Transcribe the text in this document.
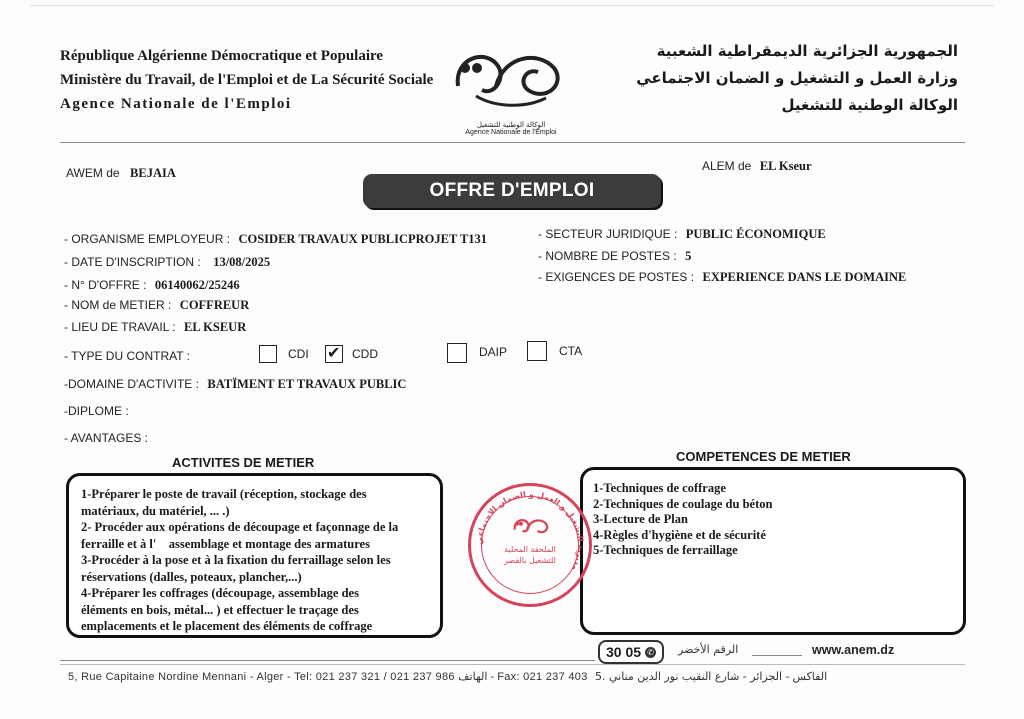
République Algérienne Démocratique et Populaire
Ministère du Travail, de l'Emploi et de La Sécurité Sociale
Agence Nationale de l'Emploi
الوكالة الوطنية للتشغيل
Agence Nationale de l'Emploi
الجمهورية الجزائرية الديمقراطية الشعبية
وزارة العمل و التشغيل و الضمان الاجتماعي
الوكالة الوطنية للتشغيل
AWEM de BEJAIA	ALEM de EL Kseur
OFFRE D'EMPLOI
- ORGANISME EMPLOYEUR : COSIDER TRAVAUX PUBLICPROJET T131
- DATE D'INSCRIPTION : 13/08/2025
- N° D'OFFRE : 06140062/25246
- NOM de METIER : COFFREUR
- LIEU DE TRAVAIL : EL KSEUR
- SECTEUR JURIDIQUE : PUBLIC ÉCONOMIQUE
- NOMBRE DE POSTES : 5
- EXIGENCES DE POSTES : EXPERIENCE DANS LE DOMAINE
- TYPE DU CONTRAT :	CDI ✔ CDD	DAIP	CTA
-DOMAINE D'ACTIVITE : BATÏMENT ET TRAVAUX PUBLIC
-DIPLOME :
- AVANTAGES :
ACTIVITES DE METIER	COMPETENCES DE METIER
1-Préparer le poste de travail (réception, stockage des
matériaux, du matériel, ... .)
2- Procéder aux opérations de découpage et façonnage de la
ferraille et à l'    assemblage et montage des armatures
3-Procéder à la pose et à la fixation du ferraillage selon les
réservations (dalles, poteaux, plancher,...)
4-Préparer les coffrages (découpage, assemblage des
éléments en bois, métal... ) et effectuer le traçage des
emplacements et le placement des éléments de coffrage
1-Techniques de coffrage
2-Techniques de coulage du béton
3-Lecture de Plan
4-Règles d'hygiène et de sécurité
5-Techniques de ferraillage
مديرية التشغيل و العمل و الضمان الاجتماعي
الملحقة المحلية للتشغيل بالقصر
30 05 ✆ الرقم الأخضر	www.anem.dz
5, Rue Capitaine Nordine Mennani - Alger - Tel: 021 237 321 / 021 237 986 الهاتف - Fax: 021 237 403 الفاكس - الجزائر - شارع النقيب نور الدين مناني .5
